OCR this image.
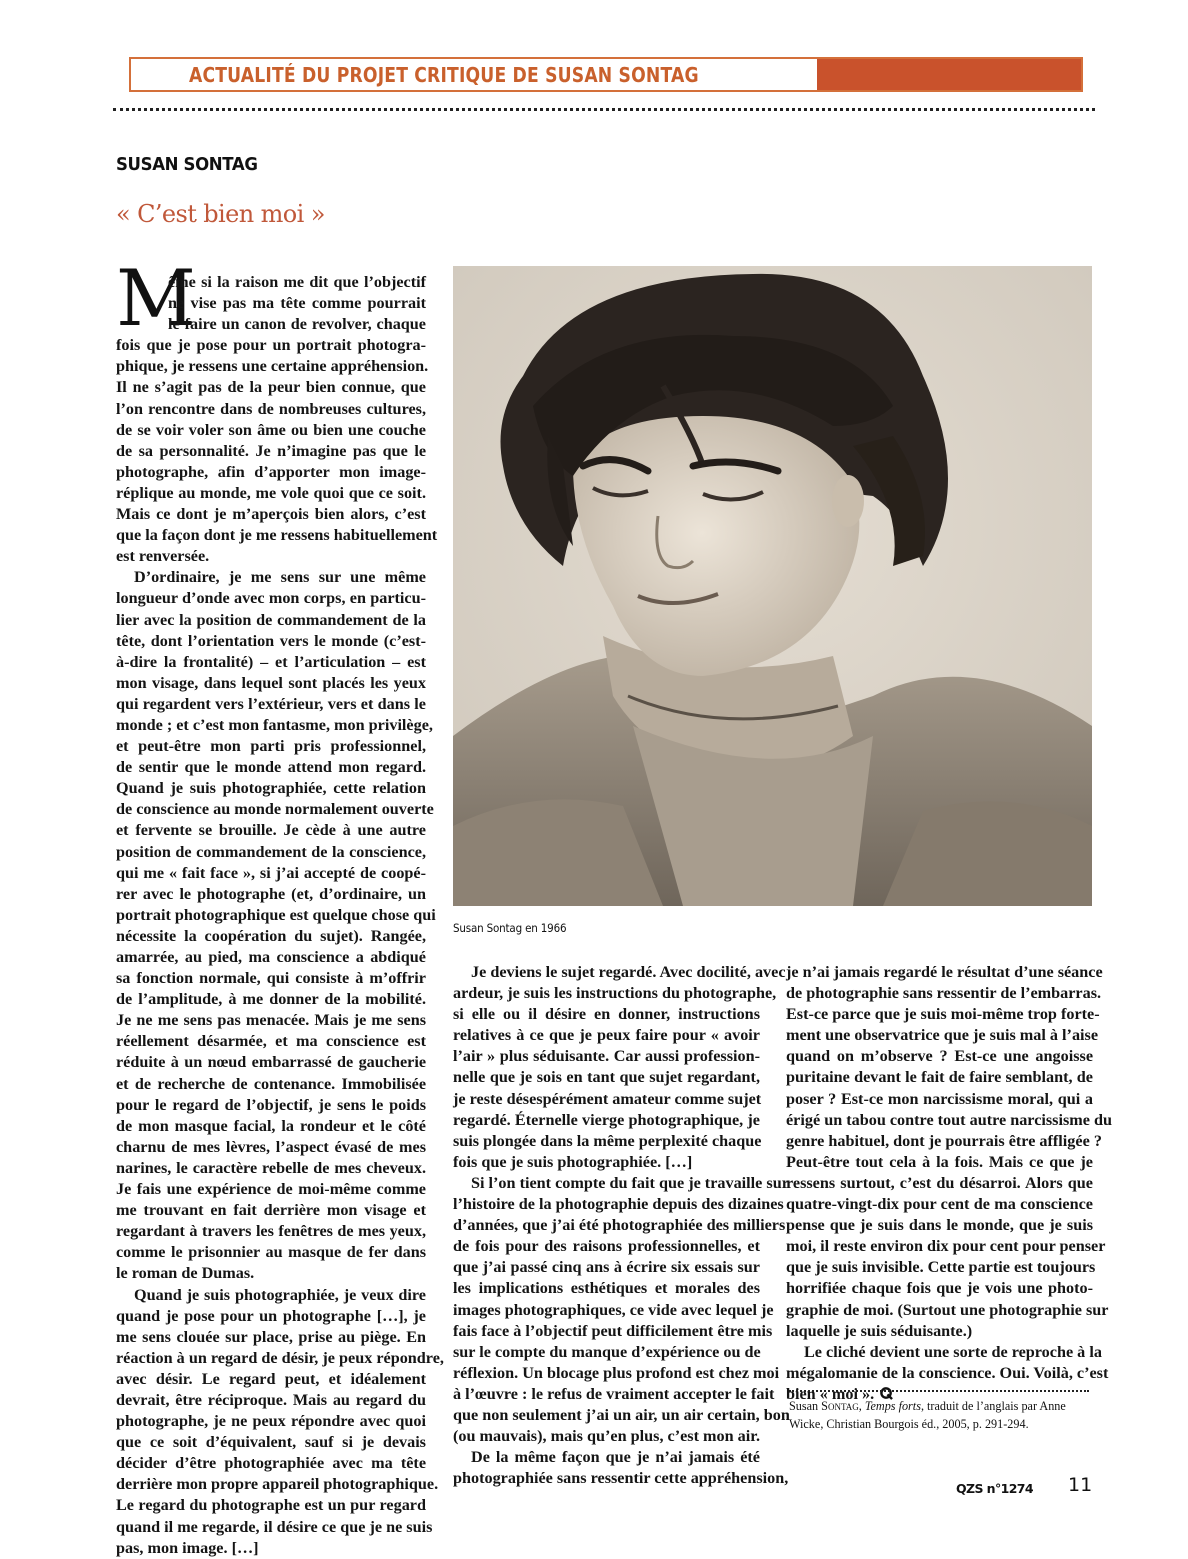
ACTUALITÉ DU PROJET CRITIQUE DE SUSAN SONTAG
SUSAN SONTAG
« C’est bien moi »
M
ême si la raison me dit que l’objectif
ne vise pas ma tête comme pourrait
le faire un canon de revolver, chaque
fois que je pose pour un portrait photogra-
phique, je ressens une certaine appréhension.
Il ne s’agit pas de la peur bien connue, que
l’on rencontre dans de nombreuses cultures,
de se voir voler son âme ou bien une couche
de sa personnalité. Je n’imagine pas que le
photographe, afin d’apporter mon image-
réplique au monde, me vole quoi que ce soit.
Mais ce dont je m’aperçois bien alors, c’est
que la façon dont je me ressens habituellement
est renversée.
D’ordinaire, je me sens sur une même
longueur d’onde avec mon corps, en particu-
lier avec la position de commandement de la
tête, dont l’orientation vers le monde (c’est-
à-dire la frontalité) – et l’articulation – est
mon visage, dans lequel sont placés les yeux
qui regardent vers l’extérieur, vers et dans le
monde ; et c’est mon fantasme, mon privilège,
et peut-être mon parti pris professionnel,
de sentir que le monde attend mon regard.
Quand je suis photographiée, cette relation
de conscience au monde normalement ouverte
et fervente se brouille. Je cède à une autre
position de commandement de la conscience,
qui me « fait face », si j’ai accepté de coopé-
rer avec le photographe (et, d’ordinaire, un
portrait photographique est quelque chose qui
nécessite la coopération du sujet). Rangée,
amarrée, au pied, ma conscience a abdiqué
sa fonction normale, qui consiste à m’offrir
de l’amplitude, à me donner de la mobilité.
Je ne me sens pas menacée. Mais je me sens
réellement désarmée, et ma conscience est
réduite à un nœud embarrassé de gaucherie
et de recherche de contenance. Immobilisée
pour le regard de l’objectif, je sens le poids
de mon masque facial, la rondeur et le côté
charnu de mes lèvres, l’aspect évasé de mes
narines, le caractère rebelle de mes cheveux.
Je fais une expérience de moi-même comme
me trouvant en fait derrière mon visage et
regardant à travers les fenêtres de mes yeux,
comme le prisonnier au masque de fer dans
le roman de Dumas.
Quand je suis photographiée, je veux dire
quand je pose pour un photographe […], je
me sens clouée sur place, prise au piège. En
réaction à un regard de désir, je peux répondre,
avec désir. Le regard peut, et idéalement
devrait, être réciproque. Mais au regard du
photographe, je ne peux répondre avec quoi
que ce soit d’équivalent, sauf si je devais
décider d’être photographiée avec ma tête
derrière mon propre appareil photographique.
Le regard du photographe est un pur regard
quand il me regarde, il désire ce que je ne suis
pas, mon image. […]
Susan Sontag en 1966
Je deviens le sujet regardé. Avec docilité, avec
ardeur, je suis les instructions du photographe,
si elle ou il désire en donner, instructions
relatives à ce que je peux faire pour « avoir
l’air » plus séduisante. Car aussi profession-
nelle que je sois en tant que sujet regardant,
je reste désespérément amateur comme sujet
regardé. Éternelle vierge photographique, je
suis plongée dans la même perplexité chaque
fois que je suis photographiée. […]
Si l’on tient compte du fait que je travaille sur
l’histoire de la photographie depuis des dizaines
d’années, que j’ai été photographiée des milliers
de fois pour des raisons professionnelles, et
que j’ai passé cinq ans à écrire six essais sur
les implications esthétiques et morales des
images photographiques, ce vide avec lequel je
fais face à l’objectif peut difficilement être mis
sur le compte du manque d’expérience ou de
réflexion. Un blocage plus profond est chez moi
à l’œuvre : le refus de vraiment accepter le fait
que non seulement j’ai un air, un air certain, bon
(ou mauvais), mais qu’en plus, c’est mon air.
De la même façon que je n’ai jamais été
photographiée sans ressentir cette appréhension,
je n’ai jamais regardé le résultat d’une séance
de photographie sans ressentir de l’embarras.
Est-ce parce que je suis moi-même trop forte-
ment une observatrice que je suis mal à l’aise
quand on m’observe ? Est-ce une angoisse
puritaine devant le fait de faire semblant, de
poser ? Est-ce mon narcissisme moral, qui a
érigé un tabou contre tout autre narcissisme du
genre habituel, dont je pourrais être affligée ?
Peut-être tout cela à la fois. Mais ce que je
ressens surtout, c’est du désarroi. Alors que
quatre-vingt-dix pour cent de ma conscience
pense que je suis dans le monde, que je suis
moi, il reste environ dix pour cent pour penser
que je suis invisible. Cette partie est toujours
horrifiée chaque fois que je vois une photo-
graphie de moi. (Surtout une photographie sur
laquelle je suis séduisante.)
Le cliché devient une sorte de reproche à la
mégalomanie de la conscience. Oui. Voilà, c’est
bien « moi ».
Susan Sontag, Temps forts, traduit de l’anglais par Anne Wicke, Christian Bourgois éd., 2005, p. 291-294.
QZS n°1274 11
